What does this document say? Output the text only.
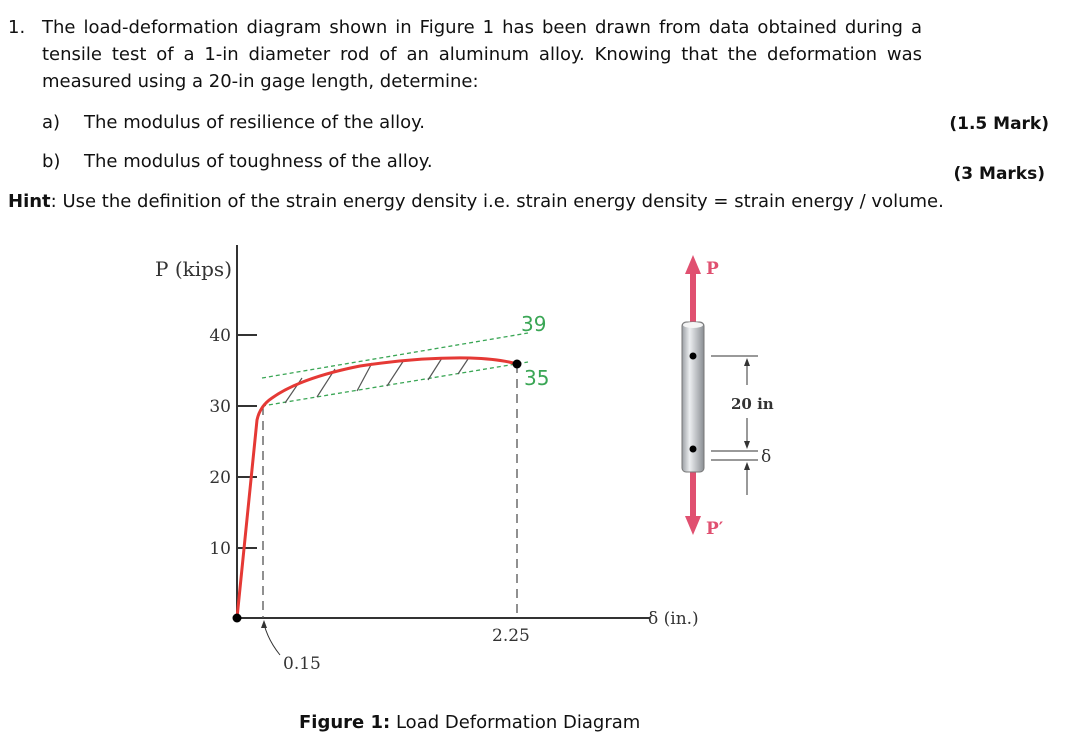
1. The load-deformation diagram shown in Figure 1 has been drawn from data obtained during a
tensile test of a 1-in diameter rod of an aluminum alloy. Knowing that the deformation was
measured using a 20-in gage length, determine:
a) The modulus of resilience of the alloy.	(1.5 Mark)
b) The modulus of toughness of the alloy.
(3 Marks)
Hint: Use the definition of the strain energy density i.e. strain energy density = strain energy / volume.
P (kips)
40
30
20
10
2.25
0.15
39
35
δ (in.)
P
P′
20 in
δ
Figure 1: Load Deformation Diagram
